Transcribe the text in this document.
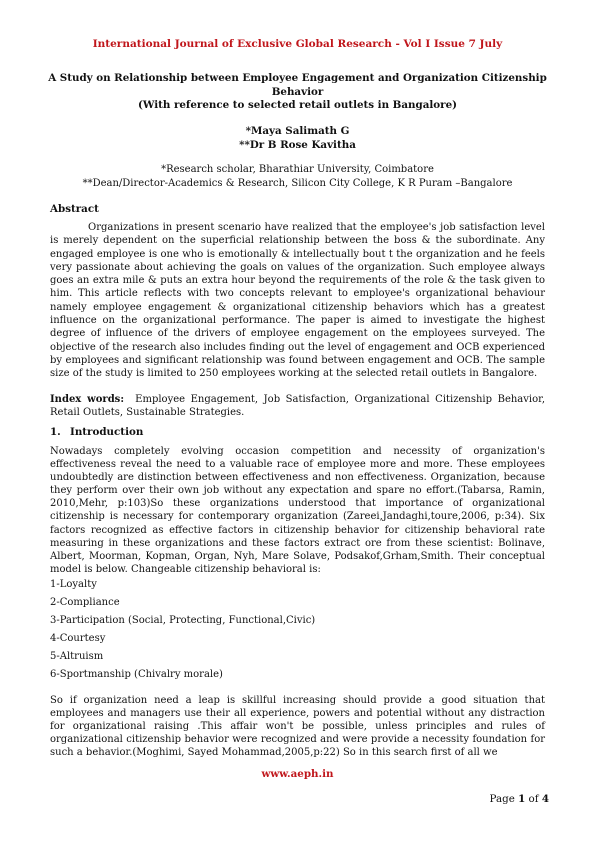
International Journal of Exclusive Global Research - Vol I Issue 7 July
A Study on Relationship between Employee Engagement and Organization Citizenship Behavior
(With reference to selected retail outlets in Bangalore)
*Maya Salimath G
**Dr B Rose Kavitha
*Research scholar, Bharathiar University, Coimbatore
**Dean/Director-Academics & Research, Silicon City College, K R Puram –Bangalore
Abstract
Organizations in present scenario have realized that the employee's job satisfaction level is merely dependent on the superficial relationship between the boss & the subordinate. Any engaged employee is one who is emotionally & intellectually bout t the organization and he feels very passionate about achieving the goals on values of the organization. Such employee always goes an extra mile & puts an extra hour beyond the requirements of the role & the task given to him. This article reflects with two concepts relevant to employee's organizational behaviour namely employee engagement & organizational citizenship behaviors which has a greatest influence on the organizational performance. The paper is aimed to investigate the highest degree of influence of the drivers of employee engagement on the employees surveyed. The objective of the research also includes finding out the level of engagement and OCB experienced by employees and significant relationship was found between engagement and OCB. The sample size of the study is limited to 250 employees working at the selected retail outlets in Bangalore.
Index words: Employee Engagement, Job Satisfaction, Organizational Citizenship Behavior, Retail Outlets, Sustainable Strategies.
1. Introduction
Nowadays completely evolving occasion competition and necessity of organization's effectiveness reveal the need to a valuable race of employee more and more. These employees undoubtedly are distinction between effectiveness and non effectiveness. Organization, because they perform over their own job without any expectation and spare no effort.(Tabarsa, Ramin, 2010,Mehr, p:103)So these organizations understood that importance of organizational citizenship is necessary for contemporary organization (Zareei,Jandaghi,toure,2006, p:34). Six factors recognized as effective factors in citizenship behavior for citizenship behavioral rate measuring in these organizations and these factors extract ore from these scientist: Bolinave, Albert, Moorman, Kopman, Organ, Nyh, Mare Solave, Podsakof,Grham,Smith. Their conceptual model is below. Changeable citizenship behavioral is:
1-Loyalty
2-Compliance
3-Participation (Social, Protecting, Functional,Civic)
4-Courtesy
5-Altruism
6-Sportmanship (Chivalry morale)
So if organization need a leap is skillful increasing should provide a good situation that employees and managers use their all experience, powers and potential without any distraction for organizational raising .This affair won't be possible, unless principles and rules of organizational citizenship behavior were recognized and were provide a necessity foundation for such a behavior.(Moghimi, Sayed Mohammad,2005,p:22) So in this search first of all we
www.aeph.in
Page 1 of 4
